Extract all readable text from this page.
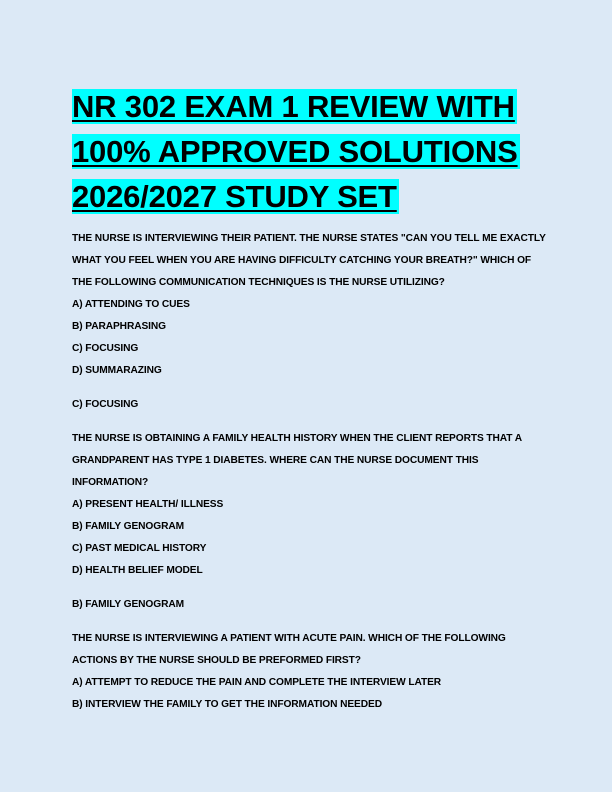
NR 302 EXAM 1 REVIEW WITH
100% APPROVED SOLUTIONS
2026/2027 STUDY SET
THE NURSE IS INTERVIEWING THEIR PATIENT. THE NURSE STATES "CAN YOU TELL ME EXACTLY
WHAT YOU FEEL WHEN YOU ARE HAVING DIFFICULTY CATCHING YOUR BREATH?" WHICH OF
THE FOLLOWING COMMUNICATION TECHNIQUES IS THE NURSE UTILIZING?
A) ATTENDING TO CUES
B) PARAPHRASING
C) FOCUSING
D) SUMMARAZING
C) FOCUSING
THE NURSE IS OBTAINING A FAMILY HEALTH HISTORY WHEN THE CLIENT REPORTS THAT A
GRANDPARENT HAS TYPE 1 DIABETES. WHERE CAN THE NURSE DOCUMENT THIS
INFORMATION?
A) PRESENT HEALTH/ ILLNESS
B) FAMILY GENOGRAM
C) PAST MEDICAL HISTORY
D) HEALTH BELIEF MODEL
B) FAMILY GENOGRAM
THE NURSE IS INTERVIEWING A PATIENT WITH ACUTE PAIN. WHICH OF THE FOLLOWING
ACTIONS BY THE NURSE SHOULD BE PREFORMED FIRST?
A) ATTEMPT TO REDUCE THE PAIN AND COMPLETE THE INTERVIEW LATER
B) INTERVIEW THE FAMILY TO GET THE INFORMATION NEEDED
